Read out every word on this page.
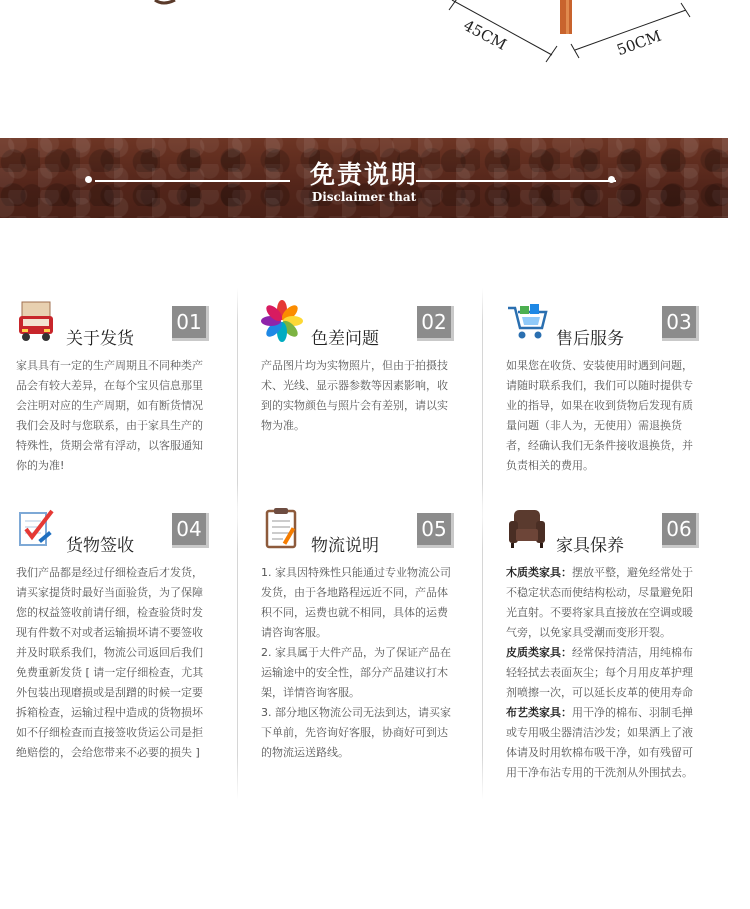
45CM	50CM
免责说明
Disclaimer that
关于发货
01
家具具有一定的生产周期且不同种类产品会有较大差异，在每个宝贝信息那里会注明对应的生产周期，如有断货情况我们会及时与您联系，由于家具生产的特殊性，货期会常有浮动，以客服通知你的为准!
色差问题
02
产品图片均为实物照片，但由于拍摄技术、光线、显示器参数等因素影响，收到的实物颜色与照片会有差别，请以实物为准。
售后服务
03
如果您在收货、安装使用时遇到问题，请随时联系我们，我们可以随时提供专业的指导，如果在收到货物后发现有质量问题（非人为，无使用）需退换货者，经确认我们无条件接收退换货，并负责相关的费用。
货物签收
04
我们产品都是经过仔细检查后才发货，请买家提货时最好当面验货，为了保障您的权益签收前请仔细，检查验货时发现有件数不对或者运输损坏请不要签收并及时联系我们，物流公司返回后我们免费重新发货 [ 请一定仔细检查，尤其外包装出现磨损或是刮蹭的时候一定要拆箱检查，运输过程中造成的货物损坏如不仔细检查而直接签收货运公司是拒绝赔偿的，会给您带来不必要的损失 ]
物流说明
05
1. 家具因特殊性只能通过专业物流公司发货，由于各地路程远近不同，产品体积不同，运费也就不相同，具体的运费请咨询客服。
2. 家具属于大件产品，为了保证产品在运输途中的安全性，部分产品建议打木架，详情咨询客服。
3. 部分地区物流公司无法到达，请买家下单前，先咨询好客服，协商好可到达的物流运送路线。
家具保养
06
木质类家具：摆放平整，避免经常处于不稳定状态而使结构松动，尽量避免阳光直射。不要将家具直接放在空调或暖气旁，以免家具受潮而变形开裂。
皮质类家具：经常保持清洁，用纯棉布轻轻拭去表面灰尘；每个月用皮革护理剂喷擦一次，可以延长皮革的使用寿命
布艺类家具：用干净的棉布、羽制毛掸或专用吸尘器清洁沙发；如果洒上了液体请及时用软棉布吸干净，如有残留可用干净布沾专用的干洗剂从外围拭去。
